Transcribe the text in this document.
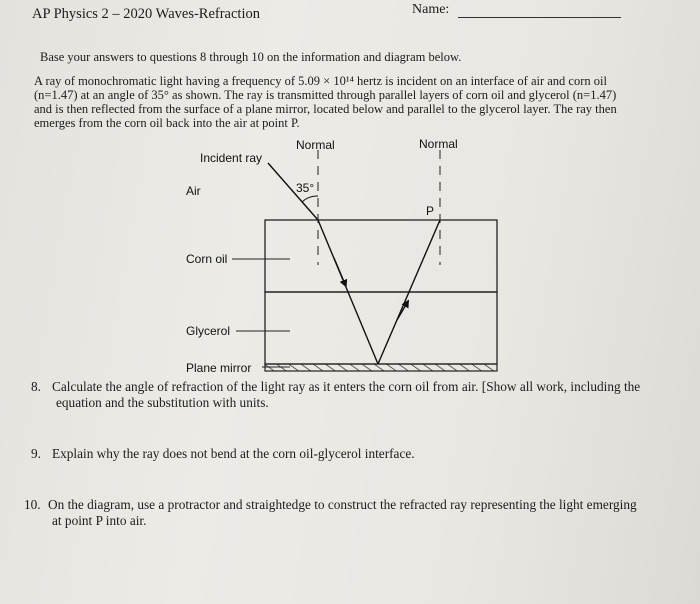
AP Physics 2 – 2020 Waves-Refraction	Name:
Base your answers to questions 8 through 10 on the information and diagram below.
A ray of monochromatic light having a frequency of 5.09 × 10¹⁴ hertz is incident on an interface of air and corn oil
(n=1.47) at an angle of 35° as shown. The ray is transmitted through parallel layers of corn oil and glycerol (n=1.47)
and is then reflected from the surface of a plane mirror, located below and parallel to the glycerol layer. The ray then
emerges from the corn oil back into the air at point P.
Normal	Normal
Incident ray
Air	35°
P
Corn oil
Glycerol
Plane mirror
8. Calculate the angle of refraction of the light ray as it enters the corn oil from air. [Show all work, including the
equation and the substitution with units.
9. Explain why the ray does not bend at the corn oil-glycerol interface.
10. On the diagram, use a protractor and straightedge to construct the refracted ray representing the light emerging
at point P into air.
